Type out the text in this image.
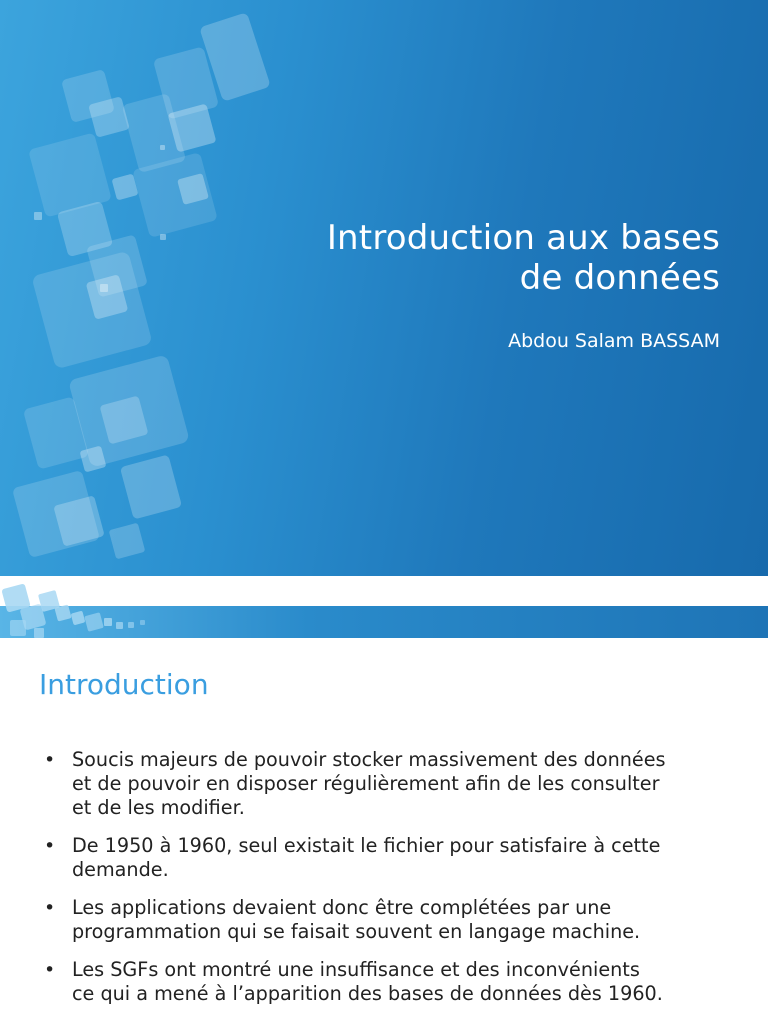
Introduction aux bases
de données
Abdou Salam BASSAM
Introduction
• Soucis majeurs de pouvoir stocker massivement des données
et de pouvoir en disposer régulièrement afin de les consulter
et de les modifier.
• De 1950 à 1960, seul existait le fichier pour satisfaire à cette
demande.
• Les applications devaient donc être complétées par une
programmation qui se faisait souvent en langage machine.
• Les SGFs ont montré une insuffisance et des inconvénients
ce qui a mené à l’apparition des bases de données dès 1960.
